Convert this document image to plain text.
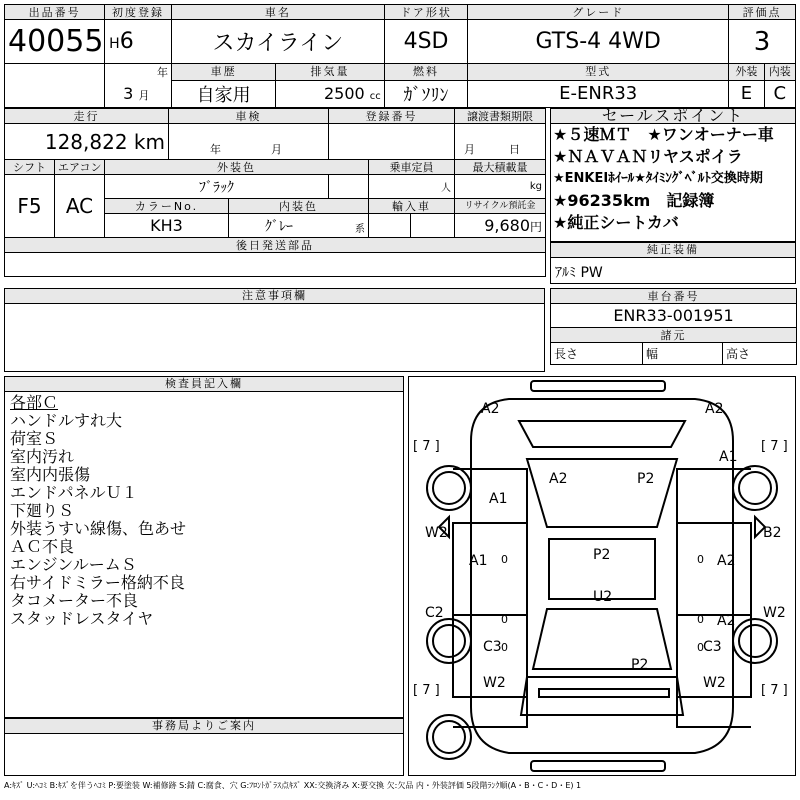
出品番号	初度登録	車名		ドア形状	グレード	評価点	
40055	H6	スカイライン		4SD	GTS-4 4WD	3	
	年	車歴	排気量	燃料	型式	外装	内装
	3 月	自家用	2500 cc	ｶﾞｿﾘﾝ	E-ENR33	E	C
走行			車検		登録番号			譲渡書類期限
128,822 km			年 月					月 日
シフト	エアコン	外装色				乗車定員		最大積載量
F5	AC	ﾌﾞﾗｯｸ				人		kg
		カラーNo.		内装色		輸入車		リサイクル預託金
		KH3		ｸﾞﾚｰ 系				9,680円
後日発送部品								

セールスポイント
★５速ＭＴ　★ワンオーナー車
★ＮＡＶＡＮリヤスポイラ
★ENKEIﾎｲｰﾙ★ﾀｲﾐﾝｸﾞﾍﾞﾙﾄ交換時期
★96235km　記録簿
★純正シートカバ
純正装備
ｱﾙﾐ PW
注意事項欄	車台番号
ENR33-001951
諸元
長さ	幅	高さ
検査員記入欄
各部Ｃ
ハンドルすれ大
荷室Ｓ
室内汚れ
室内内張傷
エンドパネルＵ１
下廻りＳ
外装うすい線傷、色あせ
ＡＣ不良
エンジンルームＳ
右サイドミラー格納不良
タコメーター不良
スタッドレスタイヤ
事務局よりご案内
A2	A2
A1
A1
A2	P2
W2	B2
A1	A2
P2
C2
U2
A2 W2
C3	C3
P2
W2	W2
[ 7 ]	[ 7 ]
[ 7 ]	[ 7 ]
0	0
0	0
0	0
A:ｷｽﾞ U:ﾍｺﾐ B:ｷｽﾞを伴うﾍｺﾐ P:要塗装 W:補修跡 S:錆 C:腐食、穴 G:ﾌﾛﾝﾄｶﾞﾗｽ点ｷｽﾞ XX:交換済み X:要交換 欠:欠品 内・外装評価 5段階ﾗﾝｸ順(A・B・C・D・E) 1
